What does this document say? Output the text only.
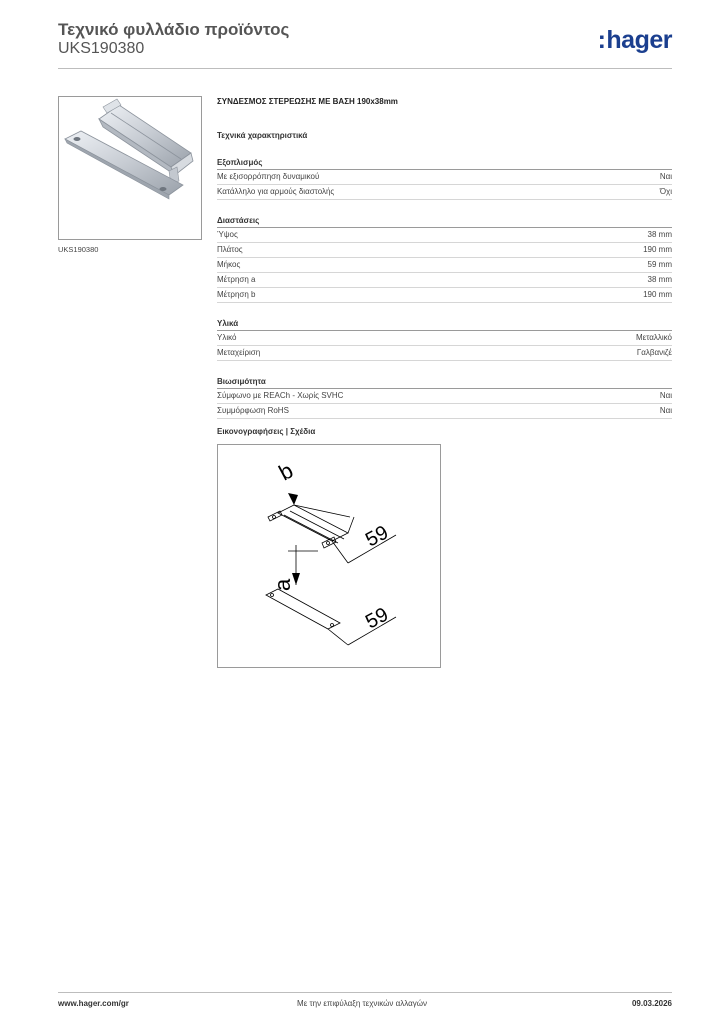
Τεχνικό φυλλάδιο προϊόντος
UKS190380	:hager
UKS190380
ΣΥΝΔΕΣΜΟΣ ΣΤΕΡΕΩΣΗΣ ΜΕ ΒΑΣΗ 190x38mm
Τεχνικά χαρακτηριστικά
Εξοπλισμός
Με εξισορρόπηση δυναμικού	Ναι
Κατάλληλο για αρμούς διαστολής	Όχι
Διαστάσεις
Ύψος	38 mm
Πλάτος	190 mm
Μήκος	59 mm
Μέτρηση a	38 mm
Μέτρηση b	190 mm
Υλικά
Υλικό	Μεταλλικό
Μεταχείριση	Γαλβανιζέ
Βιωσιμότητα
Σύμφωνο με REACh - Χωρίς SVHC	Ναι
Συμμόρφωση RoHS	Ναι
Εικονογραφήσεις | Σχέδια
b
a
59
59
www.hager.com/gr	Με την επιφύλαξη τεχνικών αλλαγών	09.03.2026
